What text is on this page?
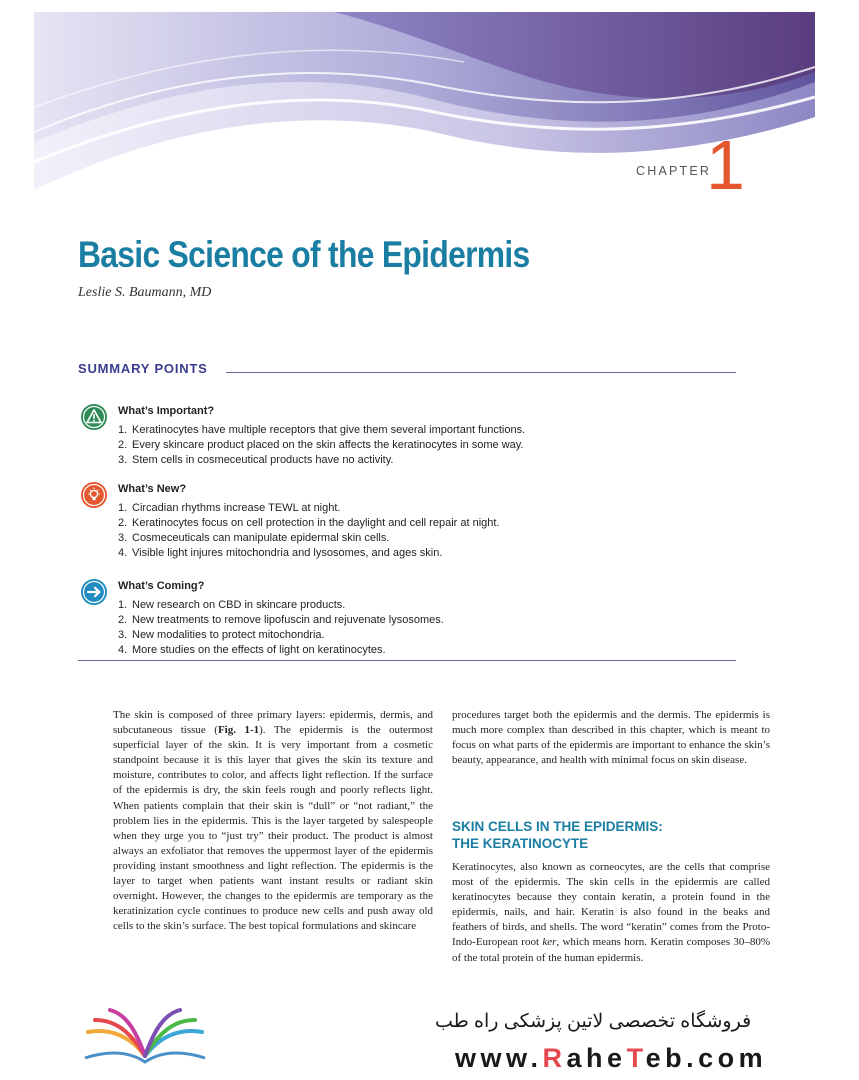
CHAPTER
1
Basic Science of the Epidermis
Leslie S. Baumann, MD
SUMMARY POINTS
What’s Important?
1. Keratinocytes have multiple receptors that give them several important functions.
2. Every skincare product placed on the skin affects the keratinocytes in some way.
3. Stem cells in cosmeceutical products have no activity.
What’s New?
1. Circadian rhythms increase TEWL at night.
2. Keratinocytes focus on cell protection in the daylight and cell repair at night.
3. Cosmeceuticals can manipulate epidermal skin cells.
4. Visible light injures mitochondria and lysosomes, and ages skin.
What’s Coming?
1. New research on CBD in skincare products.
2. New treatments to remove lipofuscin and rejuvenate lysosomes.
3. New modalities to protect mitochondria.
4. More studies on the effects of light on keratinocytes.
The skin is composed of three primary layers: epidermis, dermis, and subcutaneous tissue (Fig. 1-1). The epidermis is the outermost superficial layer of the skin. It is very important from a cosmetic standpoint because it is this layer that gives the skin its texture and moisture, contributes to color, and affects light reflection. If the surface of the epidermis is dry, the skin feels rough and poorly reflects light. When patients complain that their skin is “dull” or “not radiant,” the problem lies in the epidermis. This is the layer targeted by salespeople when they urge you to “just try” their product. The product is almost always an exfoliator that removes the uppermost layer of the epidermis providing instant smoothness and light reflection. The epidermis is the layer to target when patients want instant results or radiant skin overnight. However, the changes to the epidermis are temporary as the keratinization cycle continues to produce new cells and push away old cells to the skin’s surface. The best topical formulations and skincare
procedures target both the epidermis and the dermis. The epidermis is much more complex than described in this chapter, which is meant to focus on what parts of the epidermis are important to enhance the skin’s beauty, appearance, and health with minimal focus on skin disease.
SKIN CELLS IN THE EPIDERMIS:
THE KERATINOCYTE
Keratinocytes, also known as corneocytes, are the cells that comprise most of the epidermis. The skin cells in the epidermis are called keratinocytes because they contain keratin, a protein found in the epidermis, nails, and hair. Keratin is also found in the beaks and feathers of birds, and shells. The word “keratin” comes from the Proto-Indo-European root ker, which means horn. Keratin composes 30–80% of the total protein of the human epidermis.
فروشگاه تخصصی لاتین پزشکی راه طب
www.RaheTeb.com
